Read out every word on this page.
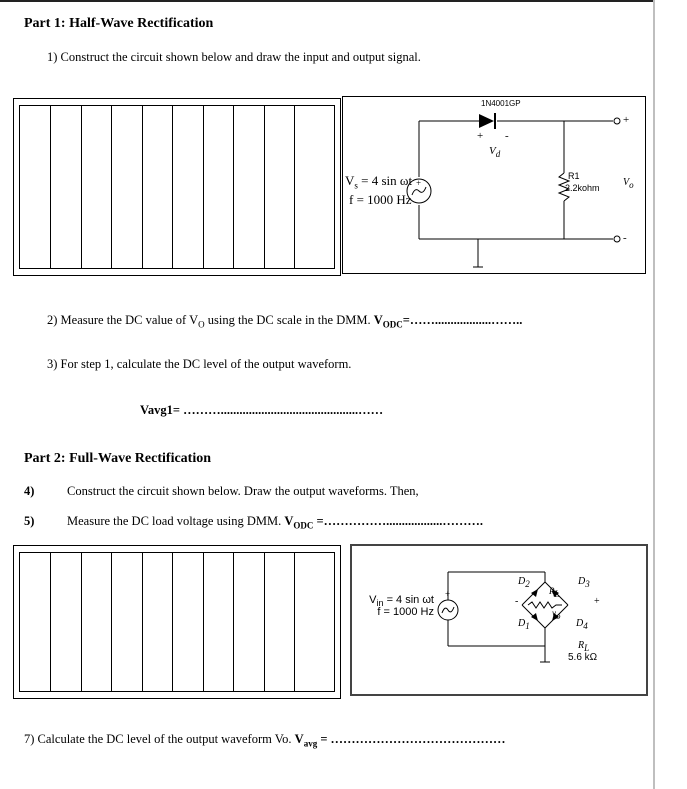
Part 1: Half-Wave Rectification
1) Construct the circuit shown below and draw the input and output signal.
1N4001GP
+ -
$V_d$
R1
2.2kohm
+
-
$V_o$
+
$V_s = 4$ sin ωt
f = 1000 Hz
2) Measure the DC value of $V_O$ using the DC scale in the DMM. $V_{ODC}=\dots\dots..................\dots\dots$..
3) For step 1, calculate the DC level of the output waveform.
Vavg1= ………............................................……
Part 2: Full-Wave Rectification
4)	Construct the circuit shown below. Draw the output waveforms. Then,
5)	Measure the DC load voltage using DMM. $V_{ODC}$ =……………..................……….
$V_{in} = 4$ sin ωt
f = 1000 Hz
+
$D_2$	$D_3$
$D_1$	$D_4$
$R_L$
$v_o$
-	+
$R_L$
5.6 kΩ
7) Calculate the DC level of the output waveform Vo. $V_{avg}$ = ……………………………………
